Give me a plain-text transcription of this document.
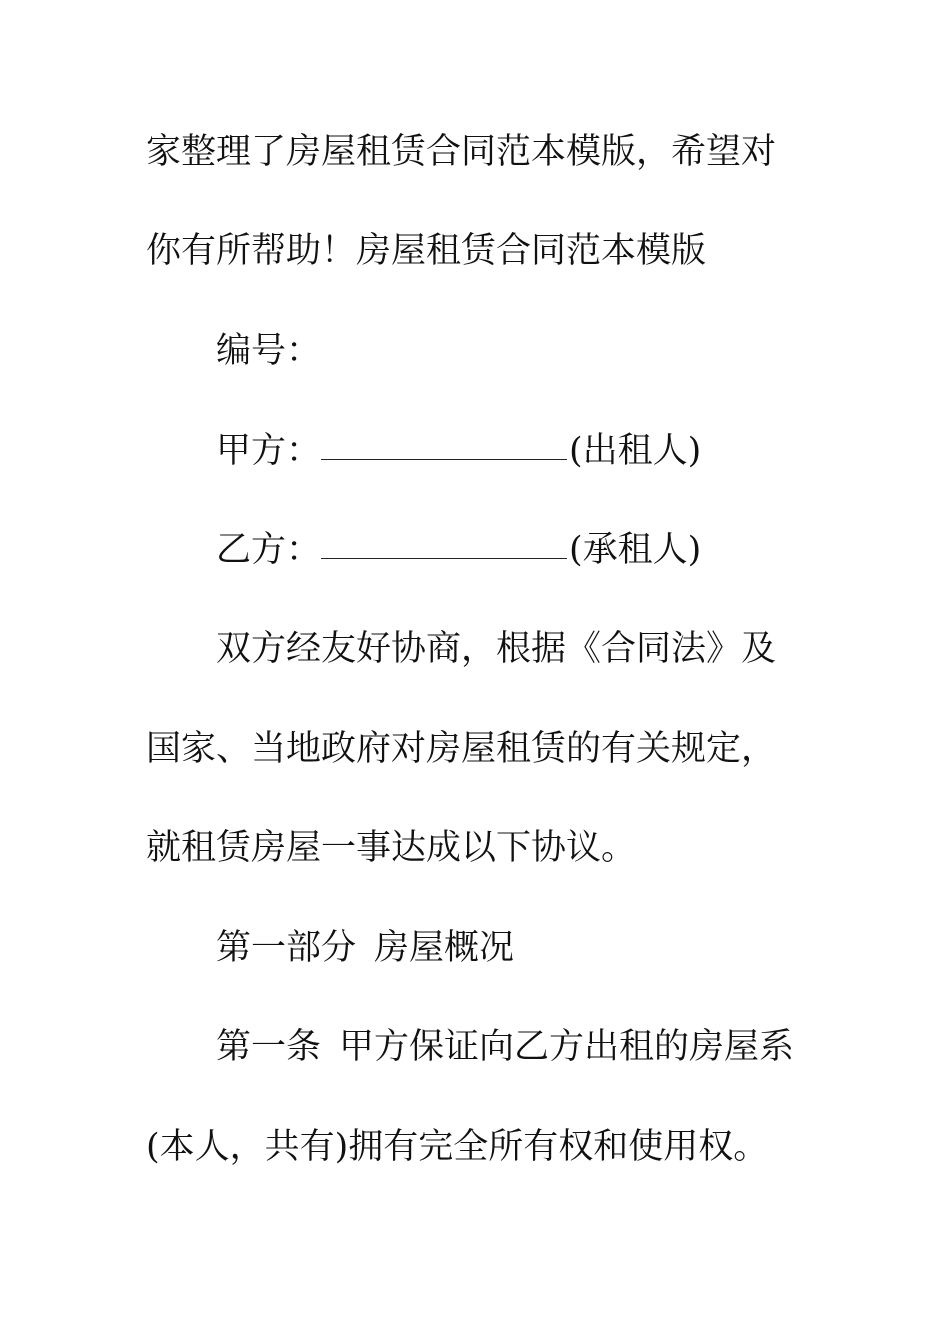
家整理了房屋租赁合同范本模版，希望对
你有所帮助！房屋租赁合同范本模版
编号：
甲方：	(出租人)
乙方：	(承租人)
双方经友好协商，根据《合同法》及
国家、当地政府对房屋租赁的有关规定，
就租赁房屋一事达成以下协议。
第一部分 房屋概况
第一条 甲方保证向乙方出租的房屋系
(本人，共有)拥有完全所有权和使用权。
